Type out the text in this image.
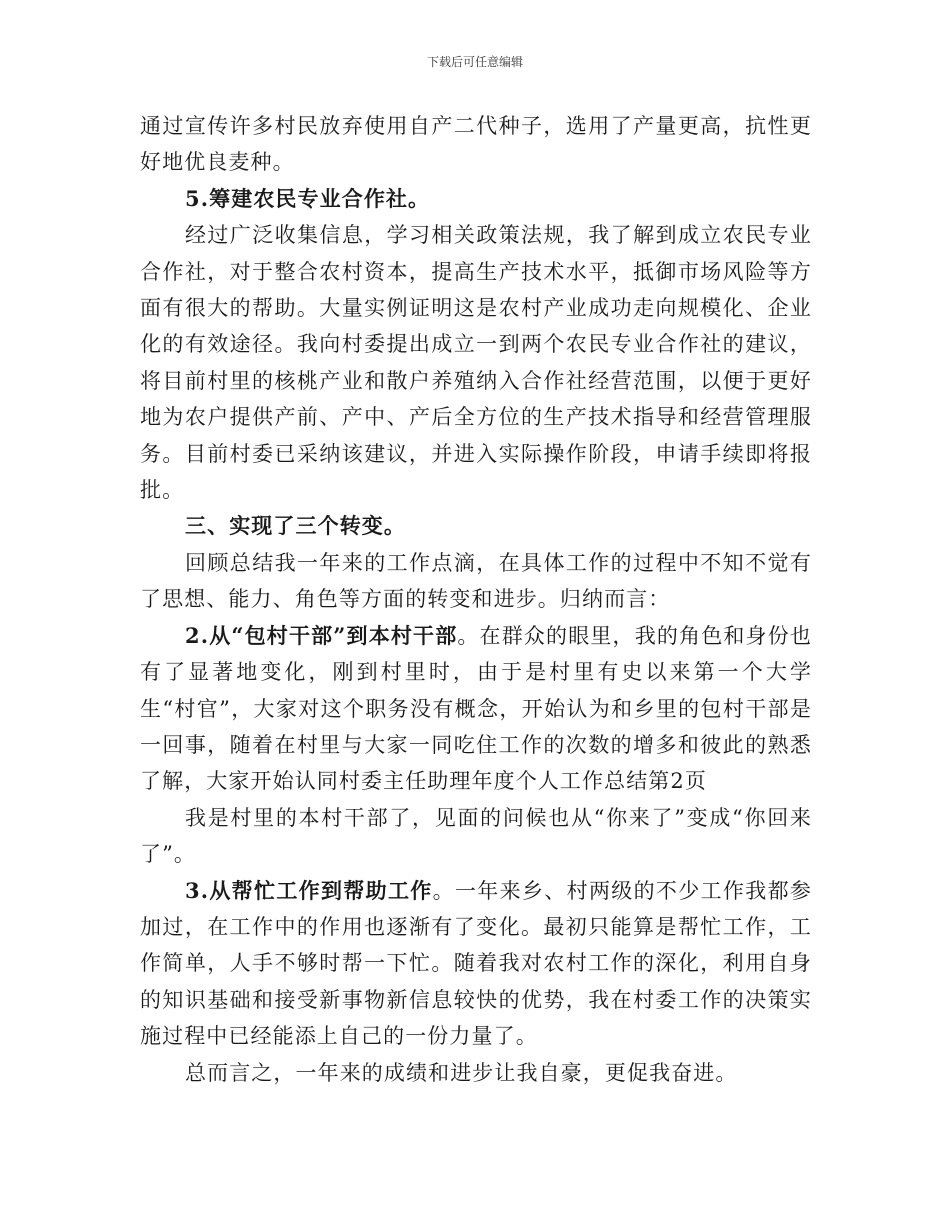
下载后可任意编辑

通过宣传许多村民放弃使用自产二代种子，选用了产量更高，抗性更好地优良麦种。

5.筹建农民专业合作社。

经过广泛收集信息，学习相关政策法规，我了解到成立农民专业合作社，对于整合农村资本，提高生产技术水平，抵御市场风险等方面有很大的帮助。大量实例证明这是农村产业成功走向规模化、企业化的有效途径。我向村委提出成立一到两个农民专业合作社的建议，将目前村里的核桃产业和散户养殖纳入合作社经营范围，以便于更好地为农户提供产前、产中、产后全方位的生产技术指导和经营管理服务。目前村委已采纳该建议，并进入实际操作阶段，申请手续即将报批。

三、实现了三个转变。

回顾总结我一年来的工作点滴，在具体工作的过程中不知不觉有了思想、能力、角色等方面的转变和进步。归纳而言：

2.从“包村干部”到本村干部。在群众的眼里，我的角色和身份也有了显著地变化，刚到村里时，由于是村里有史以来第一个大学生“村官”，大家对这个职务没有概念，开始认为和乡里的包村干部是一回事，随着在村里与大家一同吃住工作的次数的增多和彼此的熟悉了解，大家开始认同村委主任助理年度个人工作总结第2页

我是村里的本村干部了，见面的问候也从“你来了”变成“你回来了”。

3.从帮忙工作到帮助工作。一年来乡、村两级的不少工作我都参加过，在工作中的作用也逐渐有了变化。最初只能算是帮忙工作，工作简单，人手不够时帮一下忙。随着我对农村工作的深化，利用自身的知识基础和接受新事物新信息较快的优势，我在村委工作的决策实施过程中已经能添上自己的一份力量了。

总而言之，一年来的成绩和进步让我自豪，更促我奋进。
